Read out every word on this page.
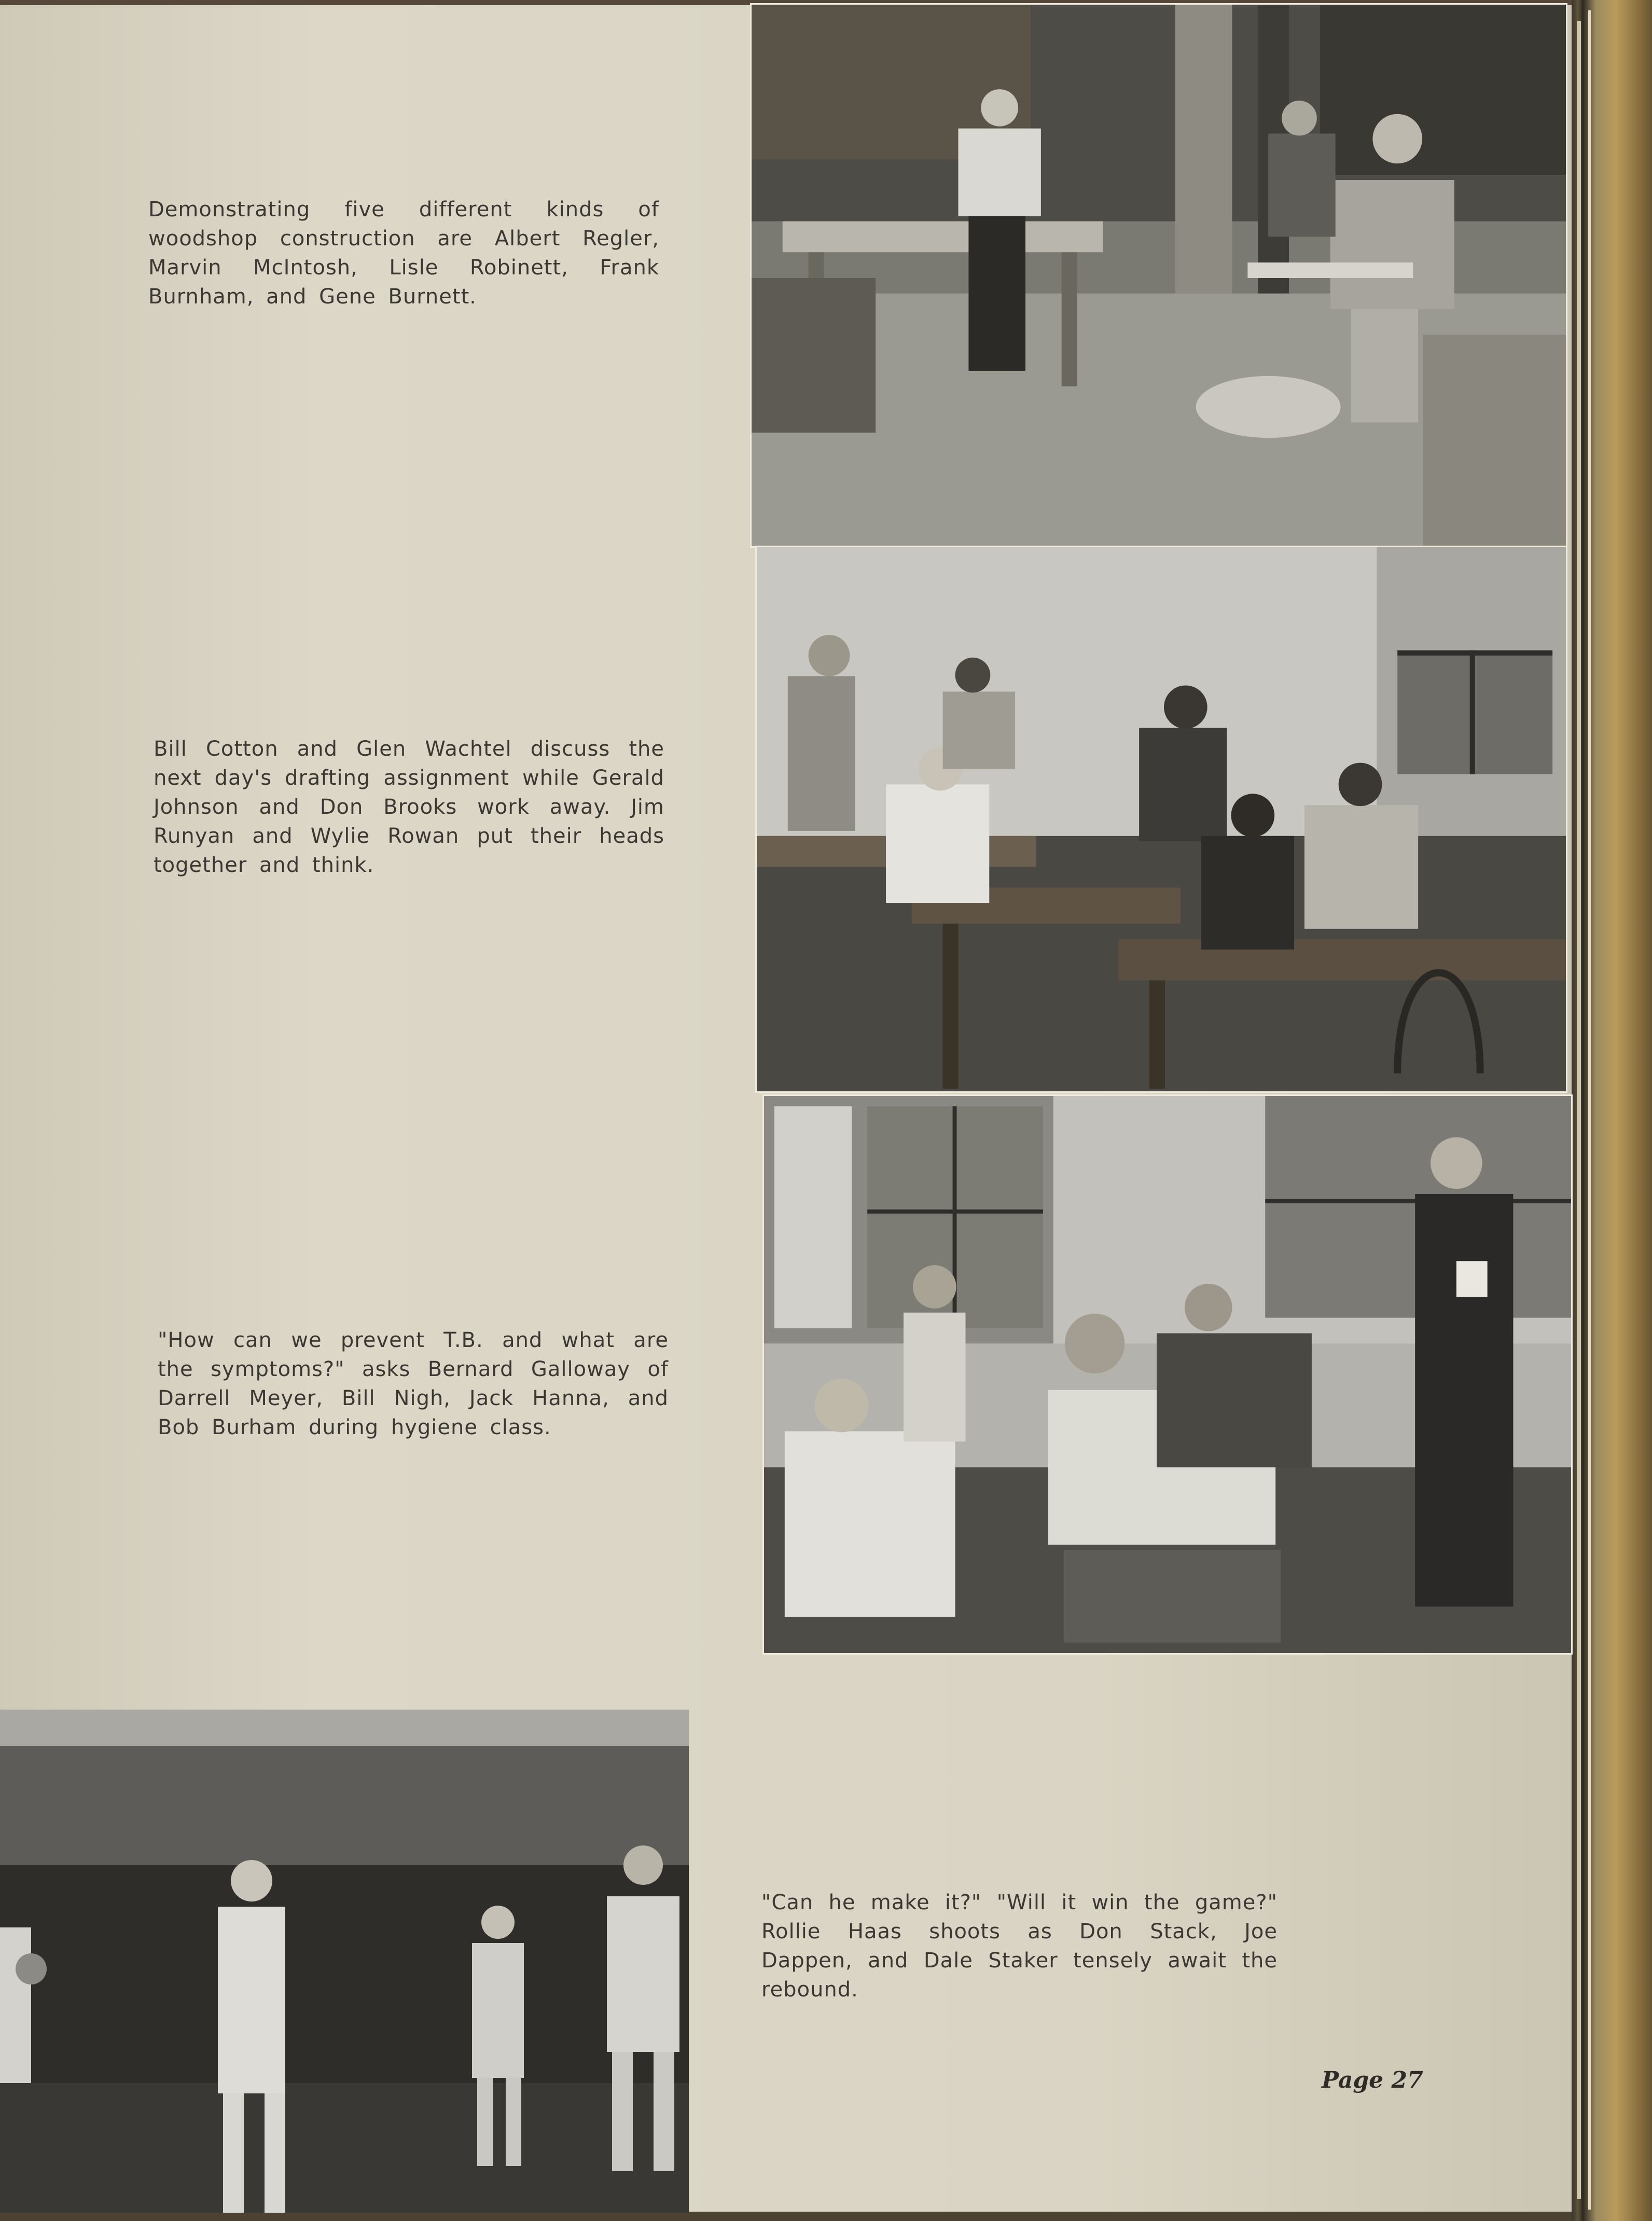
Demonstrating five different kinds of woodshop construction are Albert Regler, Marvin McIntosh, Lisle Robinett, Frank Burnham, and Gene Burnett.

Bill Cotton and Glen Wachtel discuss the next day's drafting assignment while Gerald Johnson and Don Brooks work away. Jim Runyan and Wylie Rowan put their heads together and think.

"How can we prevent T.B. and what are the symptoms?" asks Bernard Galloway of Darrell Meyer, Bill Nigh, Jack Hanna, and Bob Burham during hygiene class.

"Can he make it?" "Will it win the game?" Rollie Haas shoots as Don Stack, Joe Dappen, and Dale Staker tensely await the rebound.

Page 27
